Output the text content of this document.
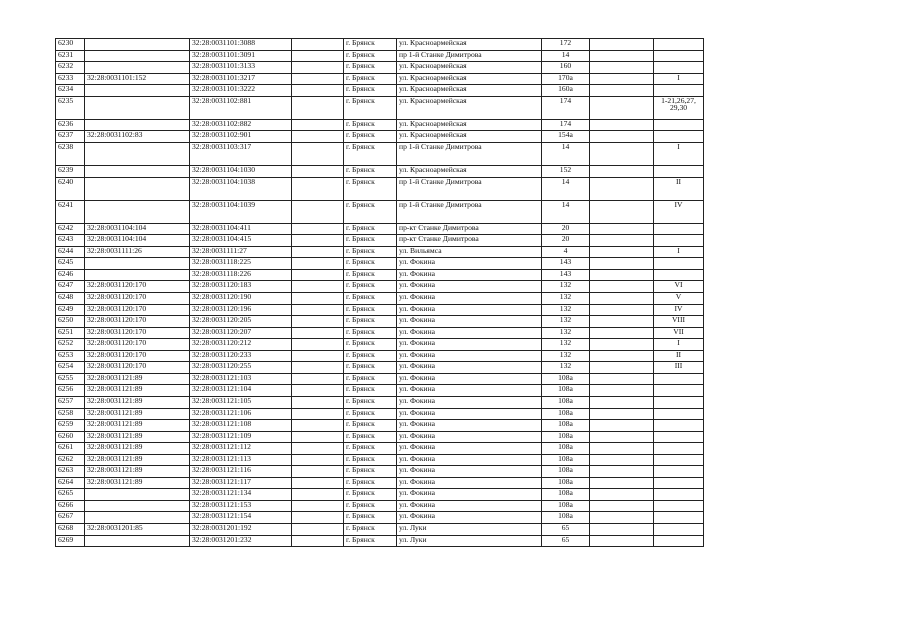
6230		32:28:0031101:3088		г. Брянск	ул. Красноармейская	172		
6231		32:28:0031101:3091		г. Брянск	пр 1-й Станке Димитрова	14		
6232		32:28:0031101:3133		г. Брянск	ул. Красноармейская	160		
6233	32:28:0031101:152	32:28:0031101:3217		г. Брянск	ул. Красноармейская	170а		I
6234		32:28:0031101:3222		г. Брянск	ул. Красноармейская	160а		
6235		32:28:0031102:881		г. Брянск	ул. Красноармейская	174		1-21,26,27,
29,30
6236		32:28:0031102:882		г. Брянск	ул. Красноармейская	174		
6237	32:28:0031102:83	32:28:0031102:901		г. Брянск	ул. Красноармейская	154а		
6238		32:28:0031103:317		г. Брянск	пр 1-й Станке Димитрова	14		I
6239		32:28:0031104:1030		г. Брянск	ул. Красноармейская	152		
6240		32:28:0031104:1038		г. Брянск	пр 1-й Станке Димитрова	14		II
6241		32:28:0031104:1039		г. Брянск	пр 1-й Станке Димитрова	14		IV
6242	32:28:0031104:104	32:28:0031104:411		г. Брянск	пр-кт Станке Димитрова	20		
6243	32:28:0031104:104	32:28:0031104:415		г. Брянск	пр-кт Станке Димитрова	20		
6244	32:28:0031111:26	32:28:0031111:27		г. Брянск	ул. Вильямса	4		I
6245		32:28:0031118:225		г. Брянск	ул. Фокина	143		
6246		32:28:0031118:226		г. Брянск	ул. Фокина	143		
6247	32:28:0031120:170	32:28:0031120:183		г. Брянск	ул. Фокина	132		VI
6248	32:28:0031120:170	32:28:0031120:190		г. Брянск	ул. Фокина	132		V
6249	32:28:0031120:170	32:28:0031120:196		г. Брянск	ул. Фокина	132		IV
6250	32:28:0031120:170	32:28:0031120:205		г. Брянск	ул. Фокина	132		VIII
6251	32:28:0031120:170	32:28:0031120:207		г. Брянск	ул. Фокина	132		VII
6252	32:28:0031120:170	32:28:0031120:212		г. Брянск	ул. Фокина	132		I
6253	32:28:0031120:170	32:28:0031120:233		г. Брянск	ул. Фокина	132		II
6254	32:28:0031120:170	32:28:0031120:255		г. Брянск	ул. Фокина	132		III
6255	32:28:0031121:89	32:28:0031121:103		г. Брянск	ул. Фокина	108а		
6256	32:28:0031121:89	32:28:0031121:104		г. Брянск	ул. Фокина	108а		
6257	32:28:0031121:89	32:28:0031121:105		г. Брянск	ул. Фокина	108а		
6258	32:28:0031121:89	32:28:0031121:106		г. Брянск	ул. Фокина	108а		
6259	32:28:0031121:89	32:28:0031121:108		г. Брянск	ул. Фокина	108а		
6260	32:28:0031121:89	32:28:0031121:109		г. Брянск	ул. Фокина	108а		
6261	32:28:0031121:89	32:28:0031121:112		г. Брянск	ул. Фокина	108а		
6262	32:28:0031121:89	32:28:0031121:113		г. Брянск	ул. Фокина	108а		
6263	32:28:0031121:89	32:28:0031121:116		г. Брянск	ул. Фокина	108а		
6264	32:28:0031121:89	32:28:0031121:117		г. Брянск	ул. Фокина	108а		
6265		32:28:0031121:134		г. Брянск	ул. Фокина	108а		
6266		32:28:0031121:153		г. Брянск	ул. Фокина	108а		
6267		32:28:0031121:154		г. Брянск	ул. Фокина	108а		
6268	32:28:0031201:85	32:28:0031201:192		г. Брянск	ул. Луки	65		
6269		32:28:0031201:232		г. Брянск	ул. Луки	65		
